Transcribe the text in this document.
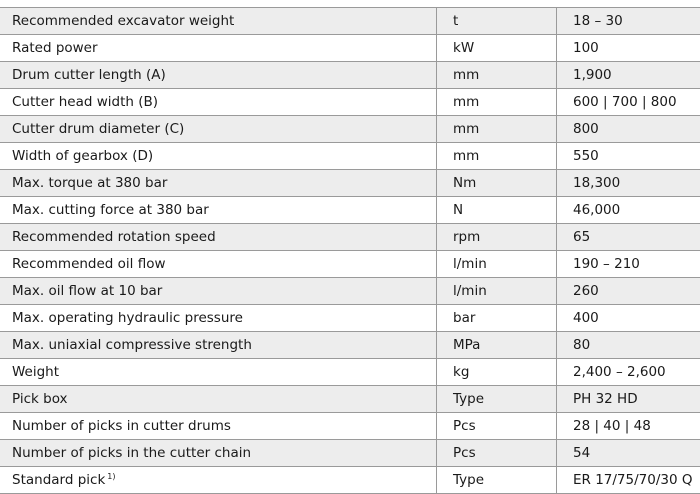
Recommended excavator weight	t	18 – 30
Rated power	kW	100
Drum cutter length (A)	mm	1,900
Cutter head width (B)	mm	600 | 700 | 800
Cutter drum diameter (C)	mm	800
Width of gearbox (D)	mm	550
Max. torque at 380 bar	Nm	18,300
Max. cutting force at 380 bar	N	46,000
Recommended rotation speed	rpm	65
Recommended oil flow	l/min	190 – 210
Max. oil flow at 10 bar	l/min	260
Max. operating hydraulic pressure	bar	400
Max. uniaxial compressive strength	MPa	80
Weight	kg	2,400 – 2,600
Pick box	Type	PH 32 HD
Number of picks in cutter drums	Pcs	28 | 40 | 48
Number of picks in the cutter chain	Pcs	54
Standard pick $^{1)}$	Type	ER 17/75/70/30 Q
